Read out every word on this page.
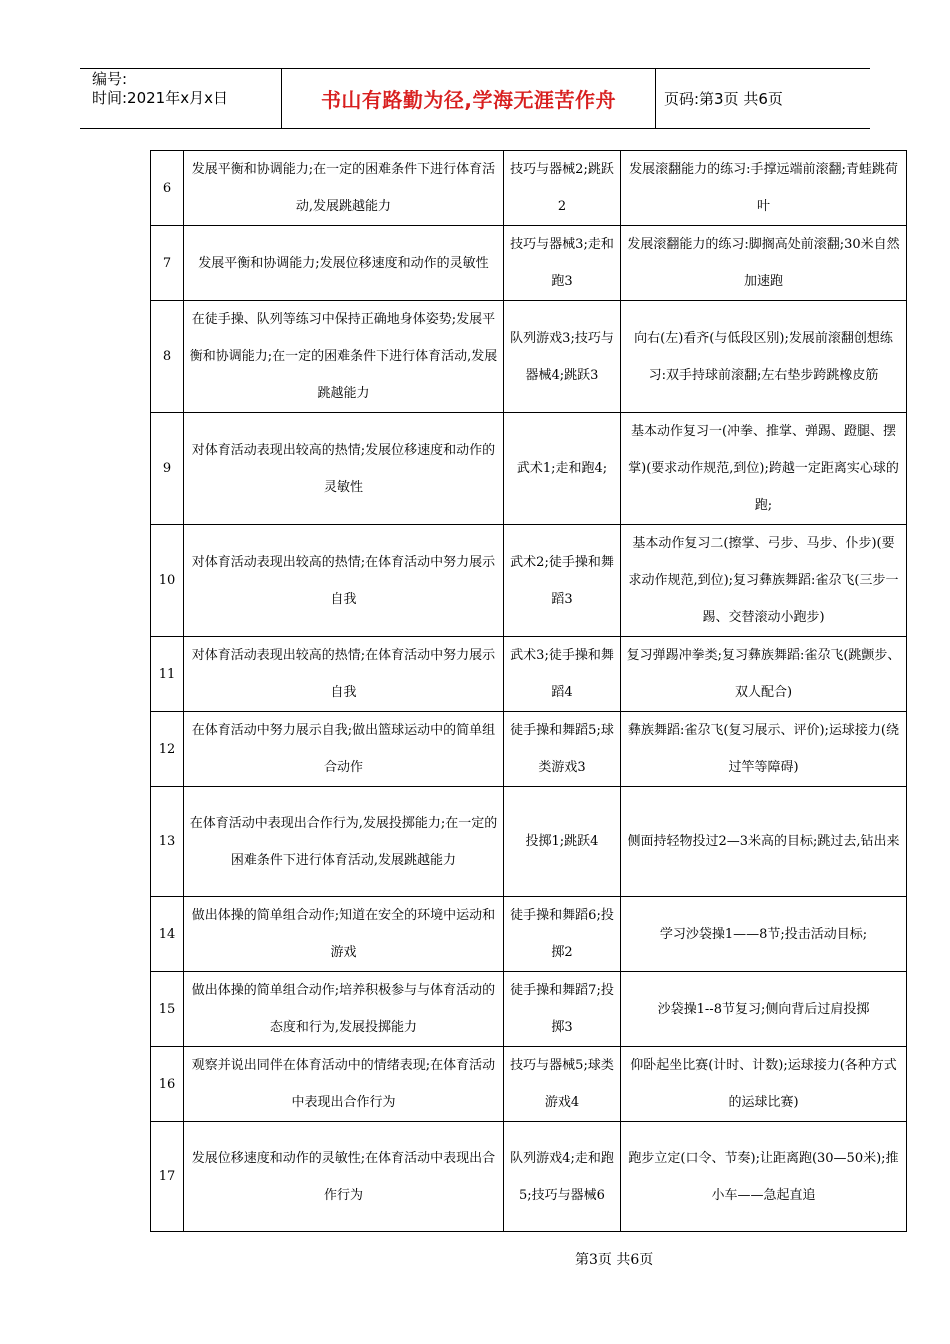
编号:
时间:2021年x月x日	书山有路勤为径,学海无涯苦作舟	页码:第3页 共6页
6	发展平衡和协调能力;在一定的困难条件下进行体育活动,发展跳越能力	技巧与器械2;跳跃2	发展滚翻能力的练习:手撑远端前滚翻;青蛙跳荷叶
7	发展平衡和协调能力;发展位移速度和动作的灵敏性	技巧与器械3;走和跑3	发展滚翻能力的练习:脚搁高处前滚翻;30米自然加速跑
8	在徒手操、队列等练习中保持正确地身体姿势;发展平衡和协调能力;在一定的困难条件下进行体育活动,发展跳越能力	队列游戏3;技巧与器械4;跳跃3	向右(左)看齐(与低段区别);发展前滚翻创想练习:双手持球前滚翻;左右垫步跨跳橡皮筋
9	对体育活动表现出较高的热情;发展位移速度和动作的灵敏性	武术1;走和跑4;	基本动作复习一(冲拳、推掌、弹踢、蹬腿、摆掌)(要求动作规范,到位);跨越一定距离实心球的跑;
10	对体育活动表现出较高的热情;在体育活动中努力展示自我	武术2;徒手操和舞蹈3	基本动作复习二(擦掌、弓步、马步、仆步)(要求动作规范,到位);复习彝族舞蹈:雀尕飞(三步一踢、交替滚动小跑步)
11	对体育活动表现出较高的热情;在体育活动中努力展示自我	武术3;徒手操和舞蹈4	复习弹踢冲拳类;复习彝族舞蹈:雀尕飞(跳颤步、双人配合)
12	在体育活动中努力展示自我;做出篮球运动中的简单组合动作	徒手操和舞蹈5;球类游戏3	彝族舞蹈:雀尕飞(复习展示、评价);运球接力(绕过竿等障碍)
13	在体育活动中表现出合作行为,发展投掷能力;在一定的困难条件下进行体育活动,发展跳越能力	投掷1;跳跃4	侧面持轻物投过2—3米高的目标;跳过去,钻出来
14	做出体操的简单组合动作;知道在安全的环境中运动和游戏	徒手操和舞蹈6;投掷2	学习沙袋操1——8节;投击活动目标;
15	做出体操的简单组合动作;培养积极参与与体育活动的态度和行为,发展投掷能力	徒手操和舞蹈7;投掷3	沙袋操1--8节复习;侧向背后过肩投掷
16	观察并说出同伴在体育活动中的情绪表现;在体育活动中表现出合作行为	技巧与器械5;球类游戏4	仰卧起坐比赛(计时、计数);运球接力(各种方式的运球比赛)
17	发展位移速度和动作的灵敏性;在体育活动中表现出合作行为	队列游戏4;走和跑5;技巧与器械6	跑步立定(口令、节奏);让距离跑(30—50米);推小车——急起直追
第3页 共6页
